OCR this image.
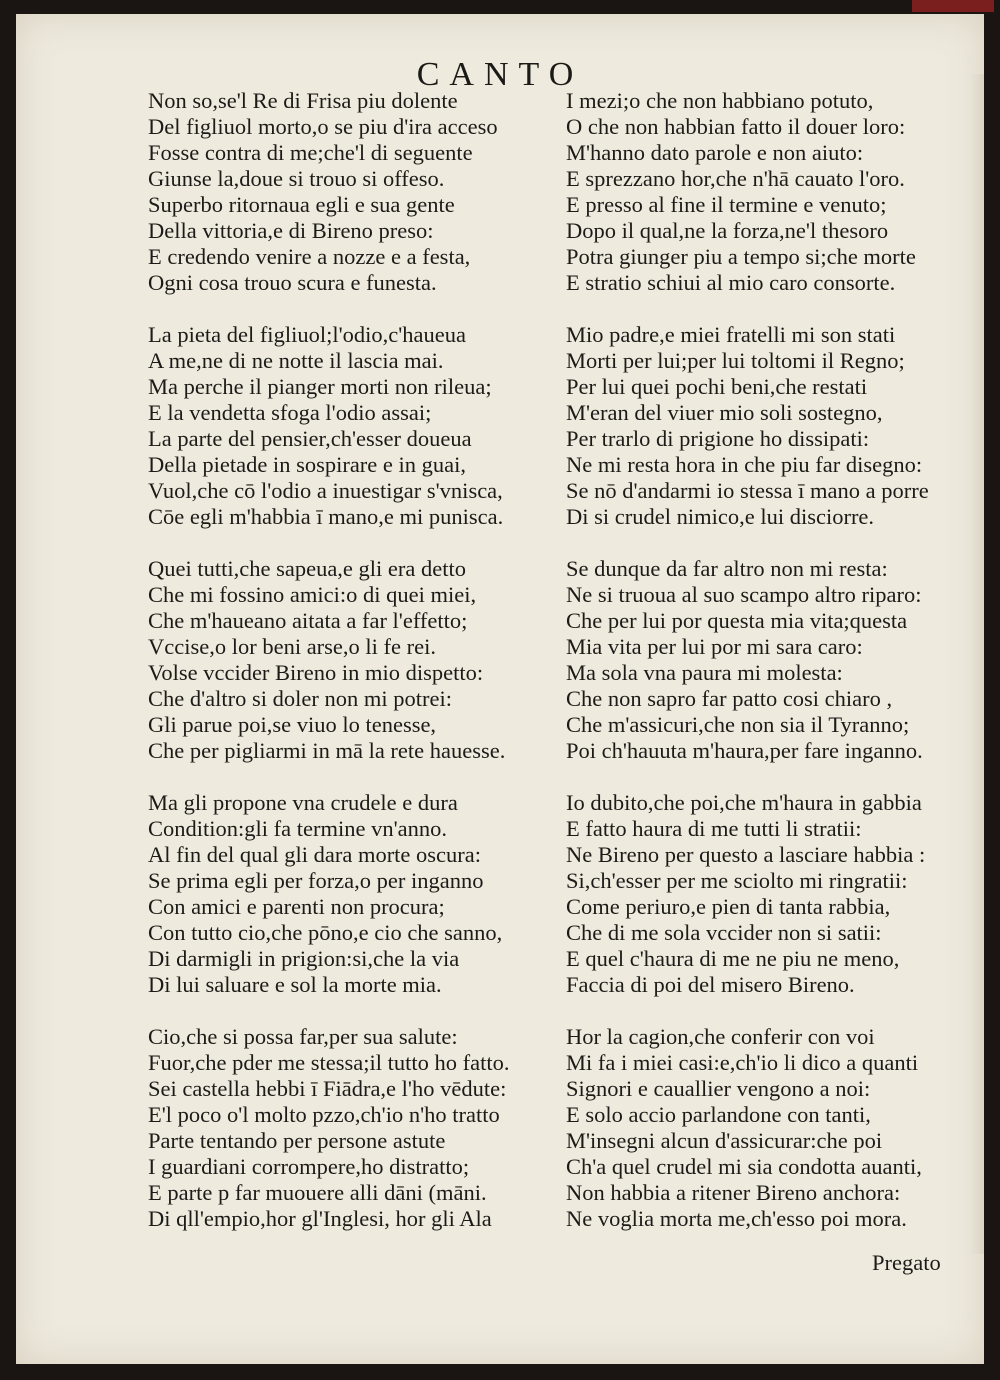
CANTO
Non so,se'l Re di Frisa piu dolente
Del figliuol morto,o se piu d'ira acceso
Fosse contra di me;che'l di seguente
Giunse la,doue si trouo si offeso.
Superbo ritornaua egli e sua gente
Della vittoria,e di Bireno preso:
E credendo venire a nozze e a festa,
Ogni cosa trouo scura e funesta.
La pieta del figliuol;l'odio,c'haueua
A me,ne di ne notte il lascia mai.
Ma perche il pianger morti non rileua;
E la vendetta sfoga l'odio assai;
La parte del pensier,ch'esser doueua
Della pietade in sospirare e in guai,
Vuol,che cō l'odio a inuestigar s'vnisca,
Cōe egli m'habbia ī mano,e mi punisca.
Quei tutti,che sapeua,e gli era detto
Che mi fossino amici:o di quei miei,
Che m'haueano aitata a far l'effetto;
Vccise,o lor beni arse,o li fe rei.
Volse vccider Bireno in mio dispetto:
Che d'altro si doler non mi potrei:
Gli parue poi,se viuo lo tenesse,
Che per pigliarmi in mā la rete hauesse.
Ma gli propone vna crudele e dura
Condition:gli fa termine vn'anno.
Al fin del qual gli dara morte oscura:
Se prima egli per forza,o per inganno
Con amici e parenti non procura;
Con tutto cio,che pōno,e cio che sanno,
Di darmigli in prigion:si,che la via
Di lui saluare e sol la morte mia.
Cio,che si possa far,per sua salute:
Fuor,che pder me stessa;il tutto ho fatto.
Sei castella hebbi ī Fiādra,e l'ho vēdute:
E'l poco o'l molto pzzo,ch'io n'ho tratto
Parte tentando per persone astute
I guardiani corrompere,ho distratto;
E parte p far muouere alli dāni (māni.
Di qll'empio,hor gl'Inglesi, hor gli Ala
I mezi;o che non habbiano potuto,
O che non habbian fatto il douer loro:
M'hanno dato parole e non aiuto:
E sprezzano hor,che n'hā cauato l'oro.
E presso al fine il termine e venuto;
Dopo il qual,ne la forza,ne'l thesoro
Potra giunger piu a tempo si;che morte
E stratio schiui al mio caro consorte.
Mio padre,e miei fratelli mi son stati
Morti per lui;per lui toltomi il Regno;
Per lui quei pochi beni,che restati
M'eran del viuer mio soli sostegno,
Per trarlo di prigione ho dissipati:
Ne mi resta hora in che piu far disegno:
Se nō d'andarmi io stessa ī mano a porre
Di si crudel nimico,e lui disciorre.
Se dunque da far altro non mi resta:
Ne si truoua al suo scampo altro riparo:
Che per lui por questa mia vita;questa
Mia vita per lui por mi sara caro:
Ma sola vna paura mi molesta:
Che non sapro far patto cosi chiaro ,
Che m'assicuri,che non sia il Tyranno;
Poi ch'hauuta m'haura,per fare inganno.
Io dubito,che poi,che m'haura in gabbia
E fatto haura di me tutti li stratii:
Ne Bireno per questo a lasciare habbia :
Si,ch'esser per me sciolto mi ringratii:
Come periuro,e pien di tanta rabbia,
Che di me sola vccider non si satii:
E quel c'haura di me ne piu ne meno,
Faccia di poi del misero Bireno.
Hor la cagion,che conferir con voi
Mi fa i miei casi:e,ch'io li dico a quanti
Signori e cauallier vengono a noi:
E solo accio parlandone con tanti,
M'insegni alcun d'assicurar:che poi
Ch'a quel crudel mi sia condotta auanti,
Non habbia a ritener Bireno anchora:
Ne voglia morta me,ch'esso poi mora.
Pregato
